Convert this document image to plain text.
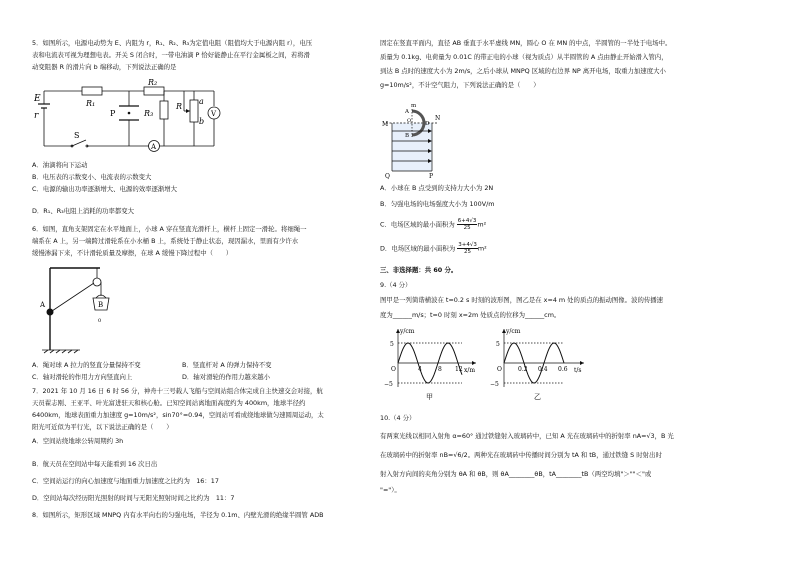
5．如图所示，电源电动势为 E、内阻为 r，R₁、R₂、R₃为定值电阻（阻值均大于电源内阻 r），电压
表和电流表可视为理想电表。开关 S 闭合时，一带电油滴 P 恰好能静止在平行金属板之间，若将滑
动变阻器 R 的滑片向 b 端移动，下列说法正确的是
E
r
R₁
R₂
R₃
a
R
b
V
A
S
P
A．油滴将向下运动
B．电压表的示数变小、电流表的示数变大
C．电源的输出功率逐渐增大、电源的效率逐渐增大
D．R₁、R₃电阻上消耗的功率都变大
6．如图，直角支架固定在水平地面上，小球 A 穿在竖直光滑杆上，横杆上固定一滑轮。将细绳一
端系在 A 上，另一端跨过滑轮系在小水桶 B 上，系统处于静止状态，现因漏水，里面有少许水
缓慢渗漏下来，不计滑轮质量及摩擦，在球 A 缓慢下降过程中（　　）
A	B
0
A．绳对球 A 拉力的竖直分量保持不变	B．竖直杆对 A 的弹力保持不变
C．轴对滑轮的作用力方向竖直向上	D．轴对滑轮的作用力越来越小
7．2021 年 10 月 16 日 6 时 56 分，神舟十三号载人飞船与空间站组合体完成自主快速交会对接，航
天员翟志刚、王亚平、叶光富进驻天和核心舱。已知空间站离地面高度约为 400km，地球半径约
6400km，地球表面重力加速度 g=10m/s²，sin70°=0.94，空间站可看成绕地球做匀速圆周运动，太
阳光可近似为平行光，以下说法正确的是（　　）
A．空间站绕地球公转周期约 3h
B．航天员在空间站中每天能看到 16 次日出
C．空间站运行的向心加速度与地面重力加速度之比约为　16：17
D．空间站每次经历阳光照射的时间与无阳光照射时间之比约为　11：7
8．如图所示，矩形区域 MNPQ 内有水平向右的匀强电场，半径为 0.1m、内壁光滑的绝缘半圆管 ADB
固定在竖直平面内，直径 AB 垂直于水平虚线 MN，圆心 O 在 MN 的中点，半圆管的一半处于电场中。
质量为 0.1kg、电荷量为 0.01C 的带正电的小球（视为质点）从半圆管的 A 点由静止开始滑入管内，
到达 B 点时的速度大小为 2m/s，之后小球从 MNPQ 区域的右边界 NP 离开电场，取重力加速度大小
g=10m/s²，不计空气阻力，下列说法正确的是（　　）
M
N
Q	P
A
B
O	D
m
A．小球在 B 点受到的支持力大小为 2N
B．匀强电场的电场强度大小为 100V/m
C．电场区域的最小面积为 $\frac{6+4√3}{25} m^2$
D．电场区域的最小面积为 $\frac{3+4√3}{25} m^2$
三、非选择题：共 60 分。
9.（4 分）
图甲是一列简谐横波在 t=0.2 s 时刻的波形图，图乙是在 x=4 m 处的质点的振动图像。波的传播速
度为______m/s；t=0 时刻 x=2m 处质点的位移为______cm。
y/cm
x/m
5
−5
O	4	8 12
甲
y/cm
t/s
5
−5
O	0.2 0.4 0.6
乙
10.（4 分）
有两束光线以相同入射角 α=60° 通过铁缝射入玻璃砖中，已知 A 光在玻璃砖中的折射率 nA=√3，B 光
在玻璃砖中的折射率 nB=√6/2。两种光在玻璃砖中传播时间分别为 tA 和 tB，通过铁缝 S 时射出时
射入射方向间的夹角分别为 θA 和 θB，则 θA________θB，tA________tB（两空均填"＞""＜"或
"="）。
